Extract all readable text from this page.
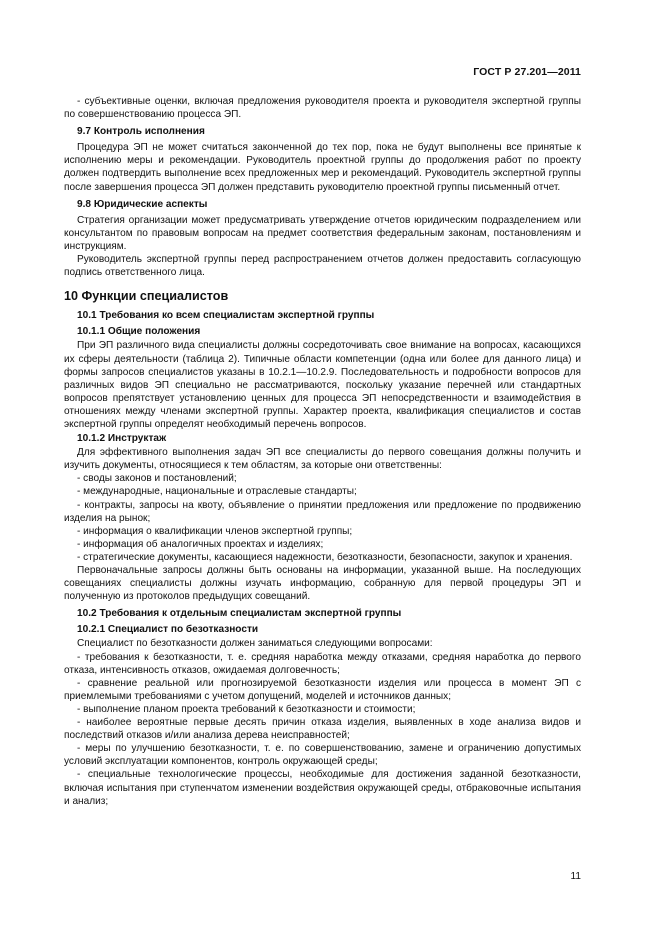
ГОСТ Р 27.201—2011

- субъективные оценки, включая предложения руководителя проекта и руководителя экспертной группы по совершенствованию процесса ЭП.

9.7 Контроль исполнения

Процедура ЭП не может считаться законченной до тех пор, пока не будут выполнены все принятые к исполнению меры и рекомендации. Руководитель проектной группы до продолжения работ по проекту должен подтвердить выполнение всех предложенных мер и рекомендаций. Руководитель экспертной группы после завершения процесса ЭП должен представить руководителю проектной группы письменный отчет.

9.8 Юридические аспекты

Стратегия организации может предусматривать утверждение отчетов юридическим подразделением или консультантом по правовым вопросам на предмет соответствия федеральным законам, постановлениям и инструкциям.

Руководитель экспертной группы перед распространением отчетов должен предоставить согласующую подпись ответственного лица.

10 Функции специалистов
10.1 Требования ко всем специалистам экспертной группы
10.1.1 Общие положения

При ЭП различного вида специалисты должны сосредоточивать свое внимание на вопросах, касающихся их сферы деятельности (таблица 2). Типичные области компетенции (одна или более для данного лица) и формы запросов специалистов указаны в 10.2.1—10.2.9. Последовательность и подробности вопросов для различных видов ЭП специально не рассматриваются, поскольку указание перечней или стандартных вопросов препятствует установлению ценных для процесса ЭП непосредственности и взаимодействия в отношениях между членами экспертной группы. Характер проекта, квалификация специалистов и состав экспертной группы определят необходимый перечень вопросов.

10.1.2 Инструктаж

Для эффективного выполнения задач ЭП все специалисты до первого совещания должны получить и изучить документы, относящиеся к тем областям, за которые они ответственны:

- своды законов и постановлений;

- международные, национальные и отраслевые стандарты;

- контракты, запросы на квоту, объявление о принятии предложения или предложение по продвижению изделия на рынок;

- информация о квалификации членов экспертной группы;

- информация об аналогичных проектах и изделиях;

- стратегические документы, касающиеся надежности, безотказности, безопасности, закупок и хранения.

Первоначальные запросы должны быть основаны на информации, указанной выше. На последующих совещаниях специалисты должны изучать информацию, собранную для первой процедуры ЭП и полученную из протоколов предыдущих совещаний.

10.2 Требования к отдельным специалистам экспертной группы
10.2.1 Специалист по безотказности

Специалист по безотказности должен заниматься следующими вопросами:

- требования к безотказности, т. е. средняя наработка между отказами, средняя наработка до первого отказа, интенсивность отказов, ожидаемая долговечность;

- сравнение реальной или прогнозируемой безотказности изделия или процесса в момент ЭП с приемлемыми требованиями с учетом допущений, моделей и источников данных;

- выполнение планом проекта требований к безотказности и стоимости;

- наиболее вероятные первые десять причин отказа изделия, выявленных в ходе анализа видов и последствий отказов и/или анализа дерева неисправностей;

- меры по улучшению безотказности, т. е. по совершенствованию, замене и ограничению допустимых условий эксплуатации компонентов, контроль окружающей среды;

- специальные технологические процессы, необходимые для достижения заданной безотказности, включая испытания при ступенчатом изменении воздействия окружающей среды, отбраковочные испытания и анализ;

11
